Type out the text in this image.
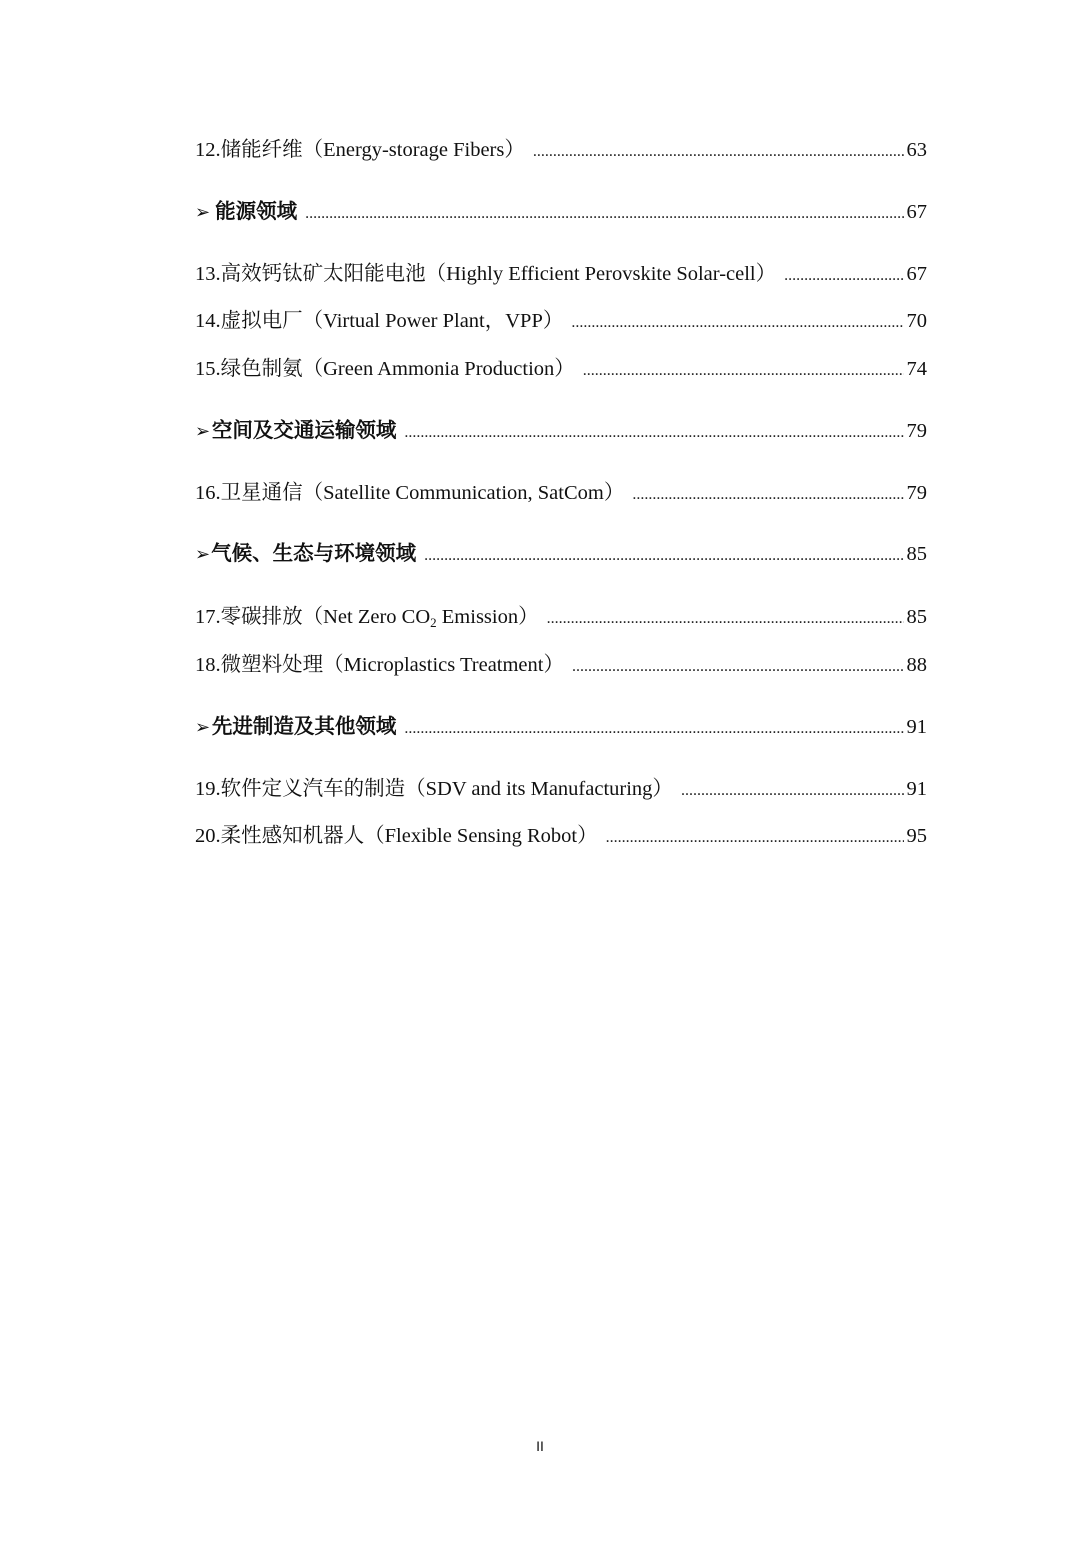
12. 储能纤维（Energy-storage Fibers） .....	63
➢ 能源领域 .....	67
13. 高效钙钛矿太阳能电池（Highly Efficient Perovskite Solar-cell） .....	67
14. 虚拟电厂（Virtual Power Plant，VPP） .....	70
15. 绿色制氨（Green Ammonia Production） .....	74
➢ 空间及交通运输领域 .....	79
16. 卫星通信（Satellite Communication, SatCom） .....	79
➢ 气候、生态与环境领域 .....	85
17. 零碳排放（Net Zero $CO_2$ Emission） .....	85
18. 微塑料处理（Microplastics Treatment） .....	88
➢ 先进制造及其他领域 .....	91
19. 软件定义汽车的制造（SDV and its Manufacturing） .....	91
20. 柔性感知机器人（Flexible Sensing Robot） .....	95
II
